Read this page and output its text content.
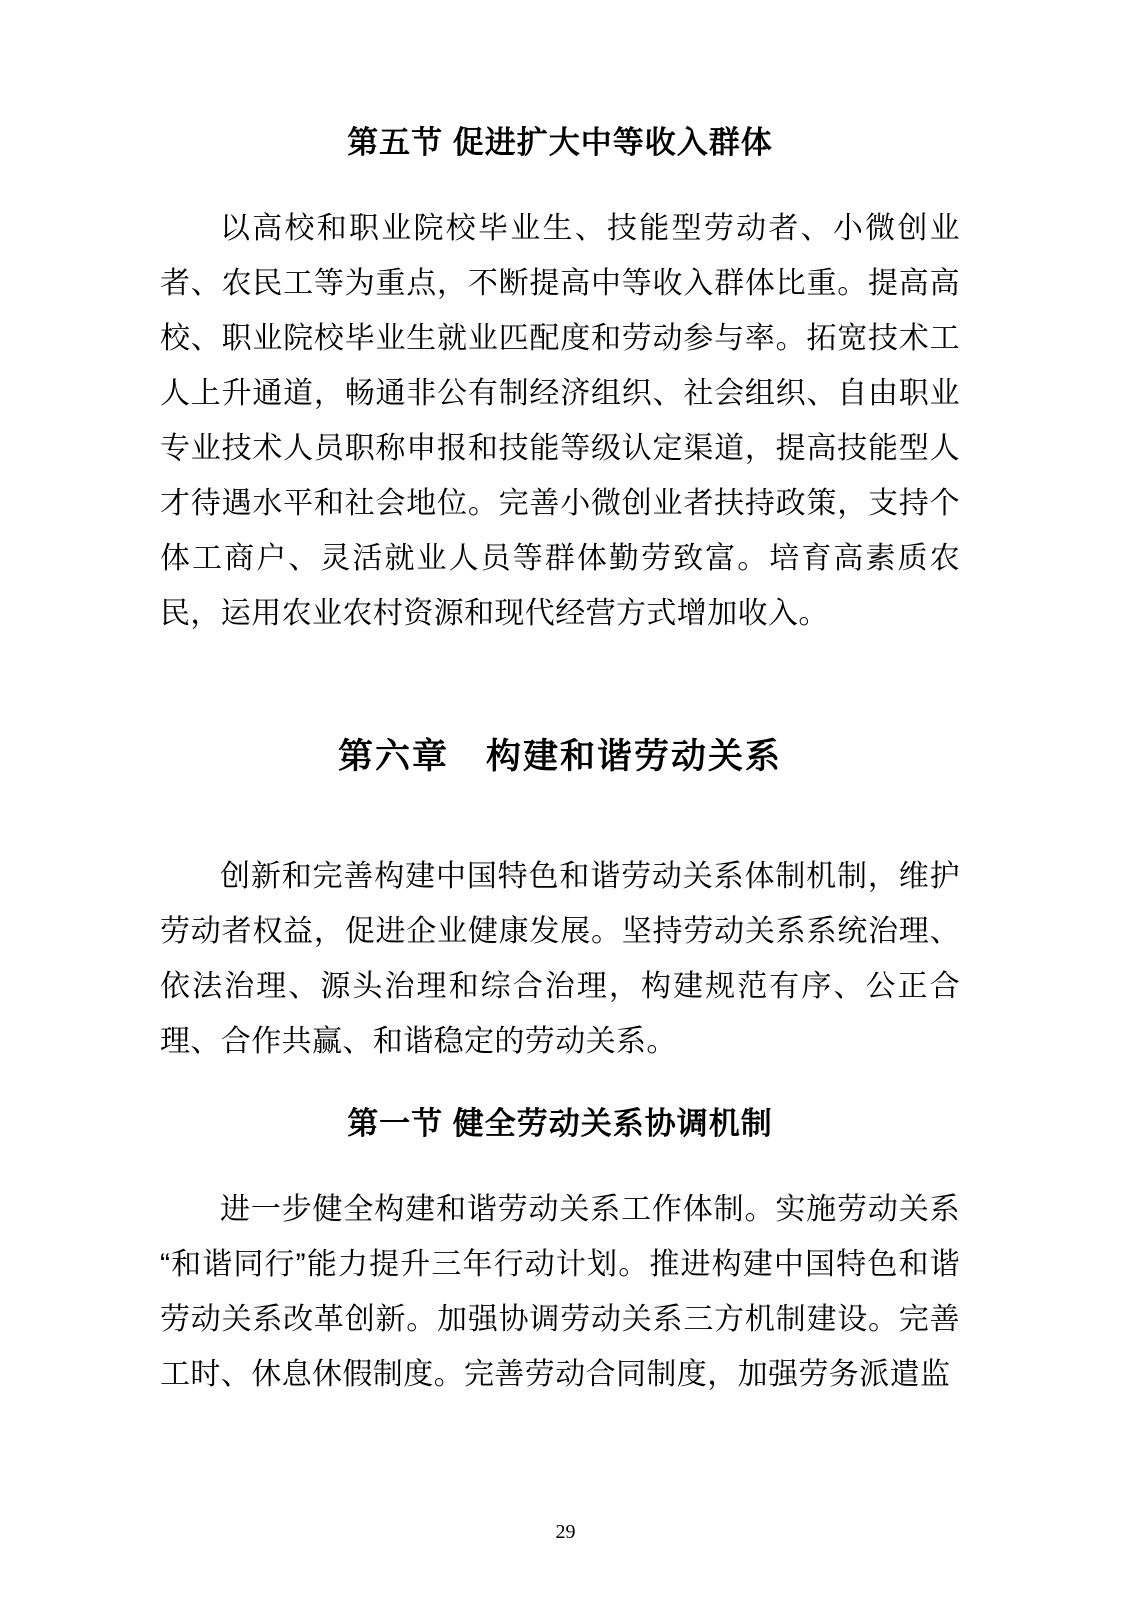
第五节 促进扩大中等收入群体

以高校和职业院校毕业生、技能型劳动者、小微创业者、农民工等为重点，不断提高中等收入群体比重。提高高校、职业院校毕业生就业匹配度和劳动参与率。拓宽技术工人上升通道，畅通非公有制经济组织、社会组织、自由职业专业技术人员职称申报和技能等级认定渠道，提高技能型人才待遇水平和社会地位。完善小微创业者扶持政策，支持个体工商户、灵活就业人员等群体勤劳致富。培育高素质农民，运用农业农村资源和现代经营方式增加收入。

第六章　构建和谐劳动关系

创新和完善构建中国特色和谐劳动关系体制机制，维护劳动者权益，促进企业健康发展。坚持劳动关系系统治理、依法治理、源头治理和综合治理，构建规范有序、公正合理、合作共赢、和谐稳定的劳动关系。

第一节 健全劳动关系协调机制

进一步健全构建和谐劳动关系工作体制。实施劳动关系“和谐同行”能力提升三年行动计划。推进构建中国特色和谐劳动关系改革创新。加强协调劳动关系三方机制建设。完善工时、休息休假制度。完善劳动合同制度，加强劳务派遣监

29
